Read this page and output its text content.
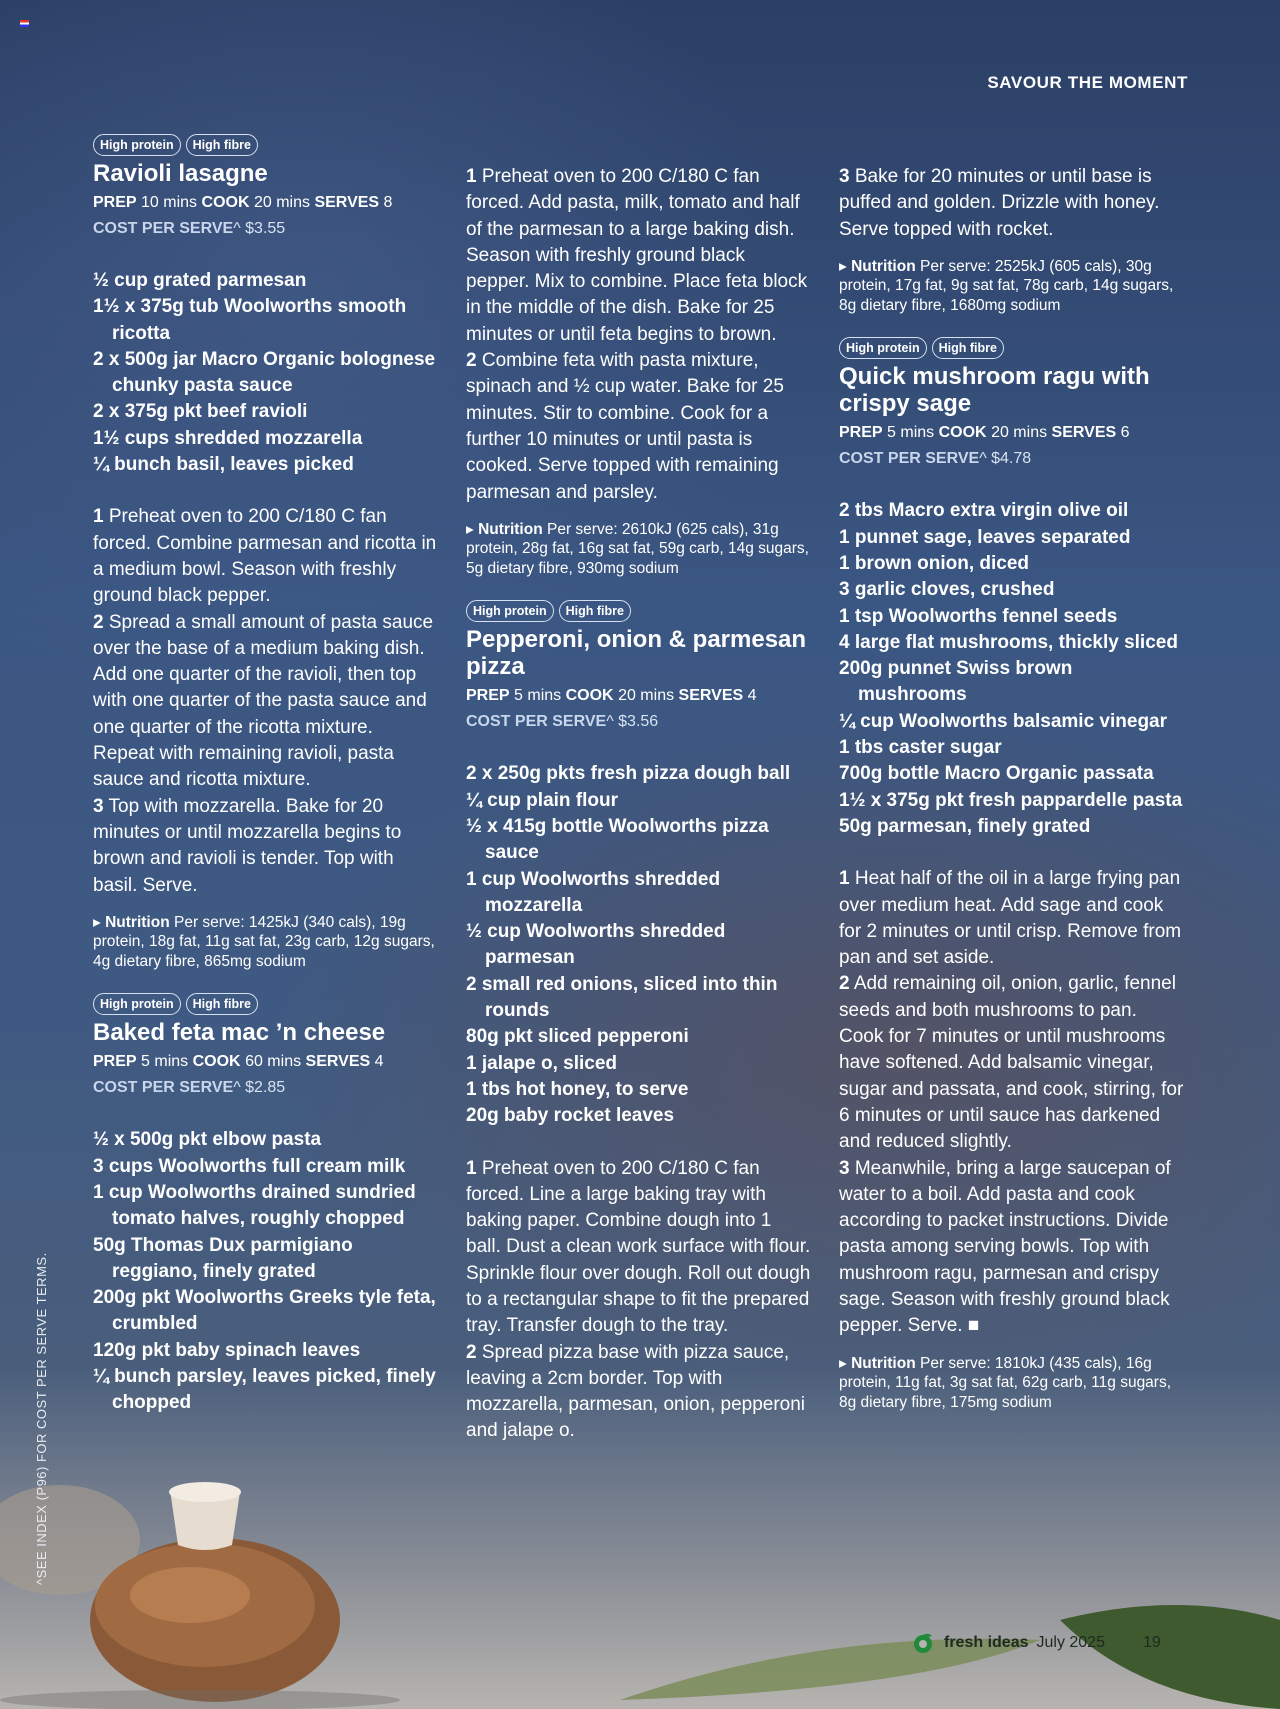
SAVOUR THE MOMENT
High protein	High fibre
Ravioli lasagne
PREP 10 mins COOK 20 mins SERVES 8
COST PER SERVE^ $3.55
½ cup grated parmesan
1½ x 375g tub Woolworths smooth ricotta
2 x 500g jar Macro Organic bolognese chunky pasta sauce
2 x 375g pkt beef ravioli
1½ cups shredded mozzarella
¼ bunch basil, leaves picked

1 Preheat oven to 200 C/180 C fan forced. Combine parmesan and ricotta in a medium bowl. Season with freshly ground black pepper.

2 Spread a small amount of pasta sauce over the base of a medium baking dish. Add one quarter of the ravioli, then top with one quarter of the pasta sauce and one quarter of the ricotta mixture. Repeat with remaining ravioli, pasta sauce and ricotta mixture.

3 Top with mozzarella. Bake for 20 minutes or until mozzarella begins to brown and ravioli is tender. Top with basil. Serve.

▸ Nutrition Per serve: 1425kJ (340 cals), 19g protein, 18g fat, 11g sat fat, 23g carb, 12g sugars, 4g dietary fibre, 865mg sodium
High protein	High fibre
Baked feta mac ’n cheese
PREP 5 mins COOK 60 mins SERVES 4
COST PER SERVE^ $2.85
½ x 500g pkt elbow pasta
3 cups Woolworths full cream milk
1 cup Woolworths drained sundried tomato halves, roughly chopped
50g Thomas Dux parmigiano reggiano, finely grated
200g pkt Woolworths Greeks tyle feta, crumbled
120g pkt baby spinach leaves
¼ bunch parsley, leaves picked, finely chopped

1 Preheat oven to 200 C/180 C fan forced. Add pasta, milk, tomato and half of the parmesan to a large baking dish. Season with freshly ground black pepper. Mix to combine. Place feta block in the middle of the dish. Bake for 25 minutes or until feta begins to brown.

2 Combine feta with pasta mixture, spinach and ½ cup water. Bake for 25 minutes. Stir to combine. Cook for a further 10 minutes or until pasta is cooked. Serve topped with remaining parmesan and parsley.

▸ Nutrition Per serve: 2610kJ (625 cals), 31g protein, 28g fat, 16g sat fat, 59g carb, 14g sugars, 5g dietary fibre, 930mg sodium
High protein	High fibre
Pepperoni, onion & parmesan pizza
PREP 5 mins COOK 20 mins SERVES 4
COST PER SERVE^ $3.56
2 x 250g pkts fresh pizza dough ball
¼ cup plain flour
½ x 415g bottle Woolworths pizza sauce
1 cup Woolworths shredded mozzarella
½ cup Woolworths shredded parmesan
2 small red onions, sliced into thin rounds
80g pkt sliced pepperoni
1 jalape o, sliced
1 tbs hot honey, to serve
20g baby rocket leaves

1 Preheat oven to 200 C/180 C fan forced. Line a large baking tray with baking paper. Combine dough into 1 ball. Dust a clean work surface with flour. Sprinkle flour over dough. Roll out dough to a rectangular shape to fit the prepared tray. Transfer dough to the tray.

2 Spread pizza base with pizza sauce, leaving a 2cm border. Top with mozzarella, parmesan, onion, pepperoni and jalape o.

3 Bake for 20 minutes or until base is puffed and golden. Drizzle with honey. Serve topped with rocket.

▸ Nutrition Per serve: 2525kJ (605 cals), 30g protein, 17g fat, 9g sat fat, 78g carb, 14g sugars, 8g dietary fibre, 1680mg sodium
High protein	High fibre
Quick mushroom ragu with crispy sage
PREP 5 mins COOK 20 mins SERVES 6
COST PER SERVE^ $4.78
2 tbs Macro extra virgin olive oil
1 punnet sage, leaves separated
1 brown onion, diced
3 garlic cloves, crushed
1 tsp Woolworths fennel seeds
4 large flat mushrooms, thickly sliced
200g punnet Swiss brown mushrooms
¼ cup Woolworths balsamic vinegar
1 tbs caster sugar
700g bottle Macro Organic passata
1½ x 375g pkt fresh pappardelle pasta
50g parmesan, finely grated

1 Heat half of the oil in a large frying pan over medium heat. Add sage and cook for 2 minutes or until crisp. Remove from pan and set aside.

2 Add remaining oil, onion, garlic, fennel seeds and both mushrooms to pan. Cook for 7 minutes or until mushrooms have softened. Add balsamic vinegar, sugar and passata, and cook, stirring, for 6 minutes or until sauce has darkened and reduced slightly.

3 Meanwhile, bring a large saucepan of water to a boil. Add pasta and cook according to packet instructions. Divide pasta among serving bowls. Top with mushroom ragu, parmesan and crispy sage. Season with freshly ground black pepper. Serve. ■

▸ Nutrition Per serve: 1810kJ (435 cals), 16g protein, 11g fat, 3g sat fat, 62g carb, 11g sugars, 8g dietary fibre, 175mg sodium
^SEE INDEX (P96) FOR COST PER SERVE TERMS.
fresh ideas July 2025 19
